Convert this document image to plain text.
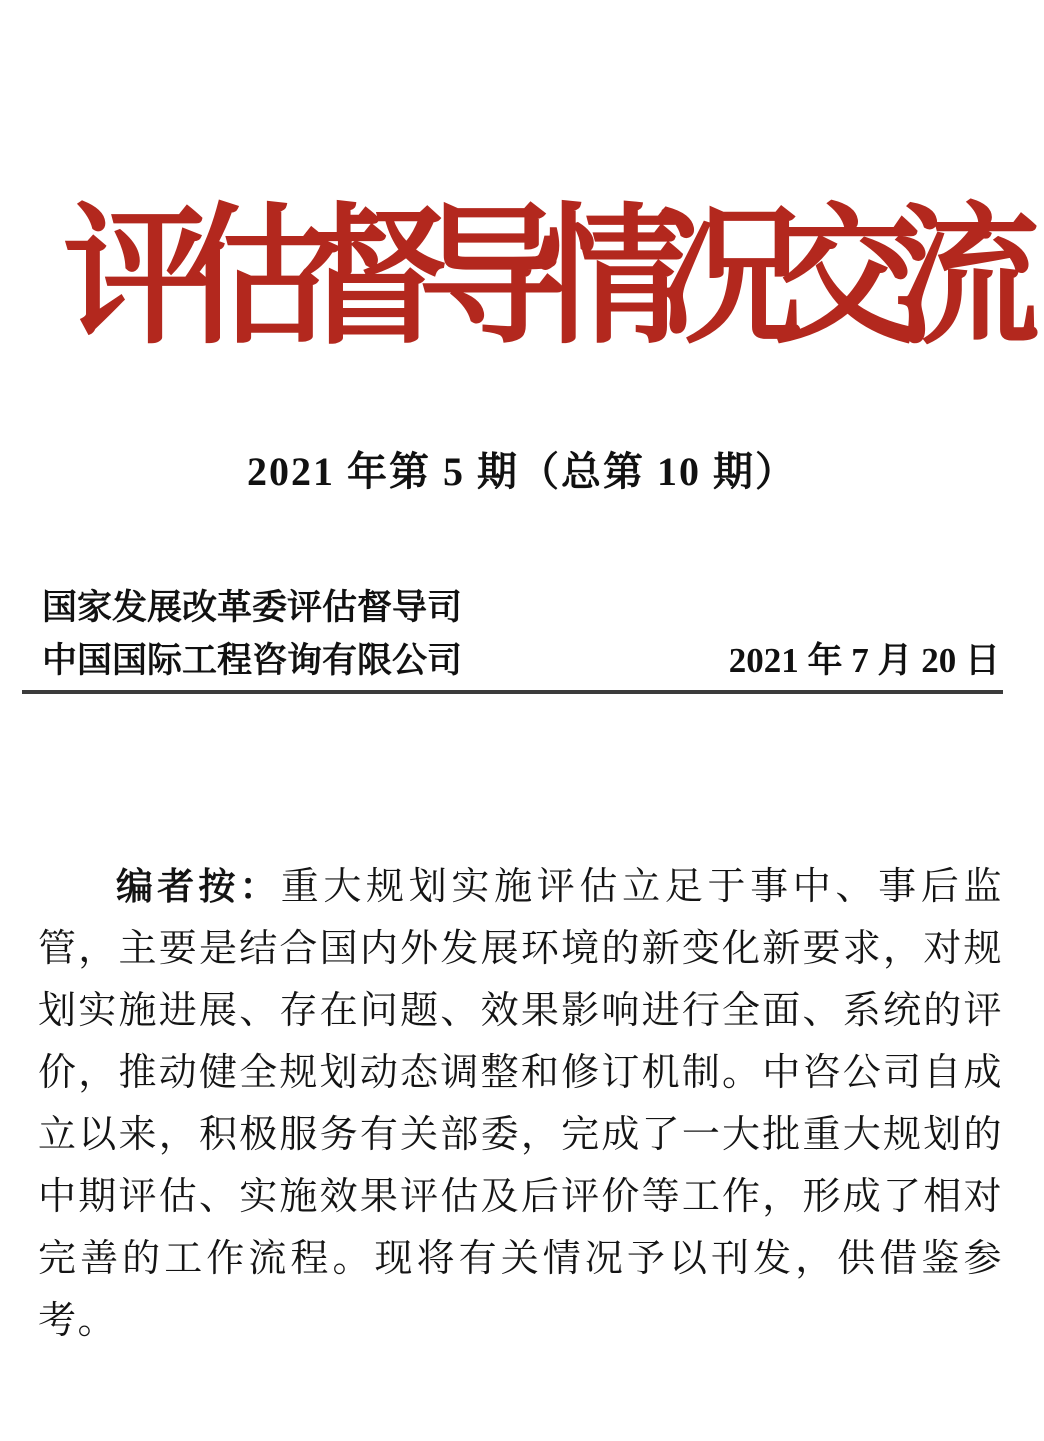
评估督导情况交流
2021 年第 5 期（总第 10 期）
国家发展改革委评估督导司
中国国际工程咨询有限公司	2021 年 7 月 20 日

编者按：重大规划实施评估立足于事中、事后监管，主要是结合国内外发展环境的新变化新要求，对规划实施进展、存在问题、效果影响进行全面、系统的评价，推动健全规划动态调整和修订机制。中咨公司自成立以来，积极服务有关部委，完成了一大批重大规划的中期评估、实施效果评估及后评价等工作，形成了相对完善的工作流程。现将有关情况予以刊发，供借鉴参考。
